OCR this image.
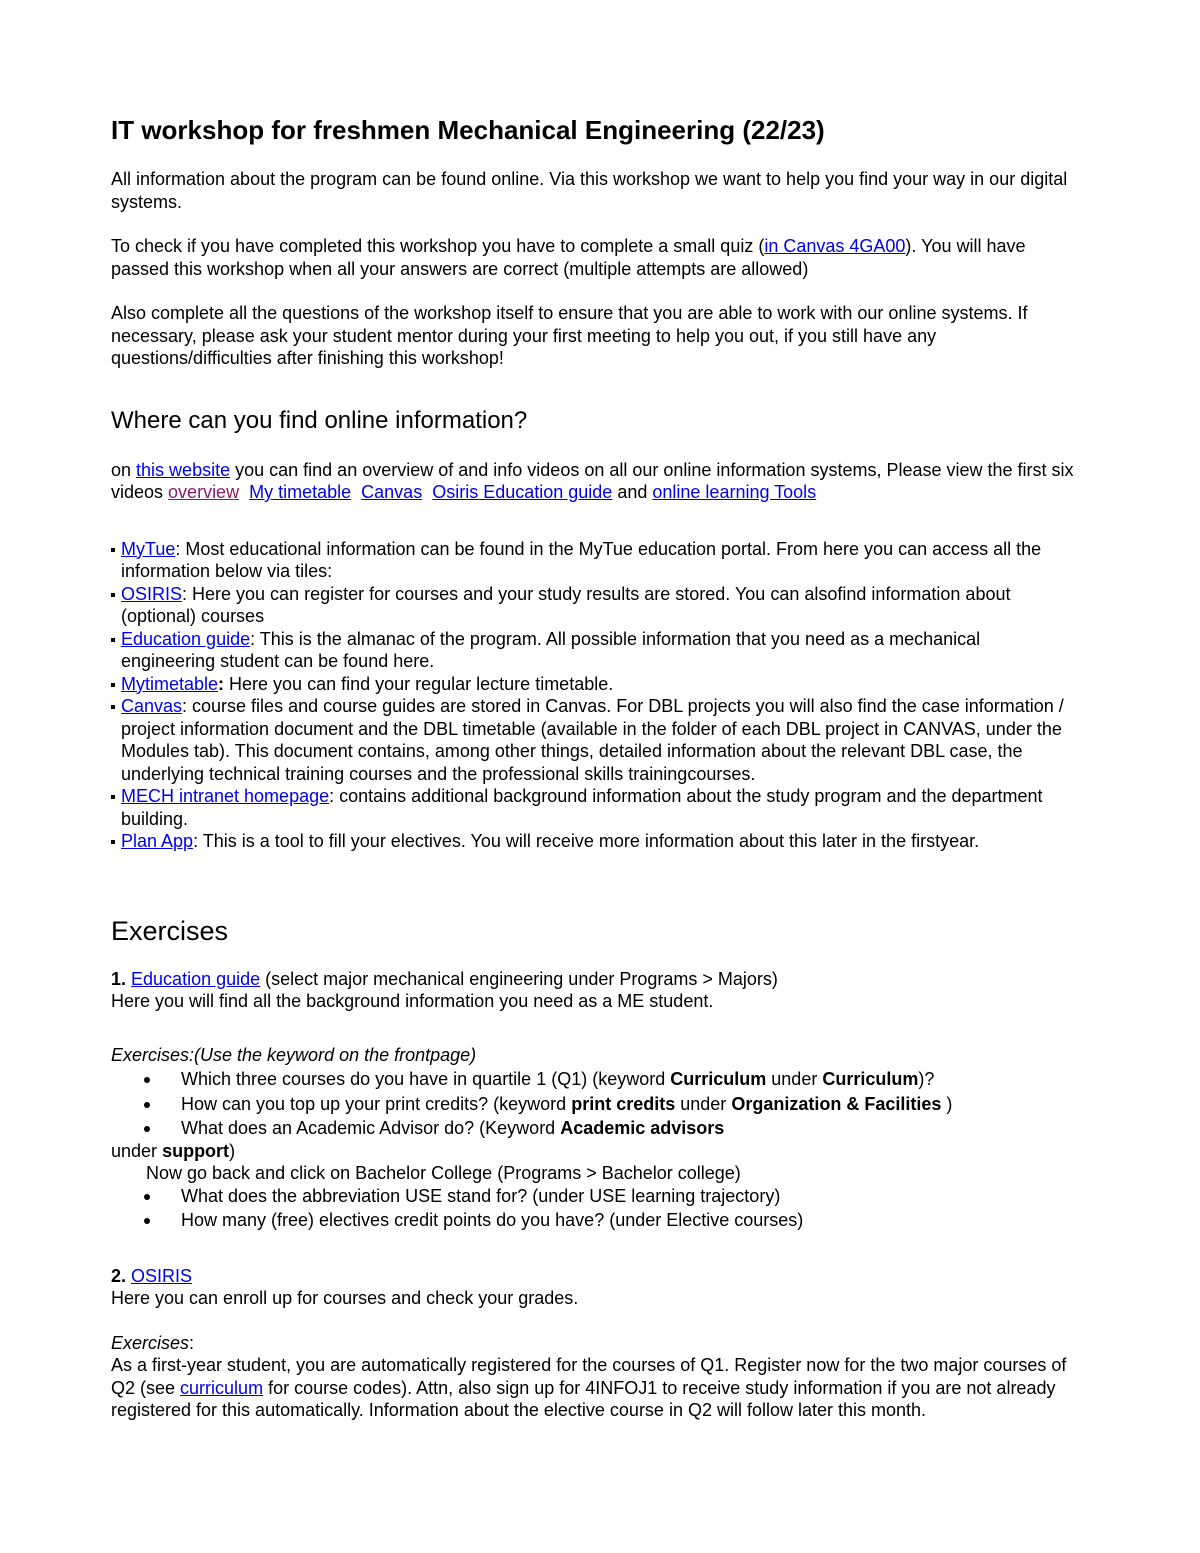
IT workshop for freshmen Mechanical Engineering (22/23)

All information about the program can be found online. Via this workshop we want to help you find your way in our digital systems.

To check if you have completed this workshop you have to complete a small quiz (in Canvas 4GA00). You will have passed this workshop when all your answers are correct (multiple attempts are allowed)

Also complete all the questions of the workshop itself to ensure that you are able to work with our online systems. If necessary, please ask your student mentor during your first meeting to help you out, if you still have any questions/difficulties after finishing this workshop!

Where can you find online information?

on this website you can find an overview of and info videos on all our online information systems, Please view the first six videos overview My timetable Canvas Osiris Education guide and online learning Tools

MyTue: Most educational information can be found in the MyTue education portal. From here you can access all the information below via tiles:
OSIRIS: Here you can register for courses and your study results are stored. You can alsofind information about (optional) courses
Education guide: This is the almanac of the program. All possible information that you need as a mechanical engineering student can be found here.
Mytimetable: Here you can find your regular lecture timetable.
Canvas: course files and course guides are stored in Canvas. For DBL projects you will also find the case information / project information document and the DBL timetable (available in the folder of each DBL project in CANVAS, under the Modules tab). This document contains, among other things, detailed information about the relevant DBL case, the underlying technical training courses and the professional skills trainingcourses.
MECH intranet homepage: contains additional background information about the study program and the department building.
Plan App: This is a tool to fill your electives. You will receive more information about this later in the firstyear.
Exercises

1. Education guide (select major mechanical engineering under Programs > Majors)

Here you will find all the background information you need as a ME student.

Exercises:(Use the keyword on the frontpage)

Which three courses do you have in quartile 1 (Q1) (keyword Curriculum under Curriculum)?
How can you top up your print credits? (keyword print credits under Organization & Facilities )
What does an Academic Advisor do? (Keyword Academic advisors

under support)

Now go back and click on Bachelor College (Programs > Bachelor college)

What does the abbreviation USE stand for? (under USE learning trajectory)
How many (free) electives credit points do you have? (under Elective courses)

2. OSIRIS

Here you can enroll up for courses and check your grades.

Exercises:

As a first-year student, you are automatically registered for the courses of Q1. Register now for the two major courses of Q2 (see curriculum for course codes). Attn, also sign up for 4INFOJ1 to receive study information if you are not already registered for this automatically. Information about the elective course in Q2 will follow later this month.
